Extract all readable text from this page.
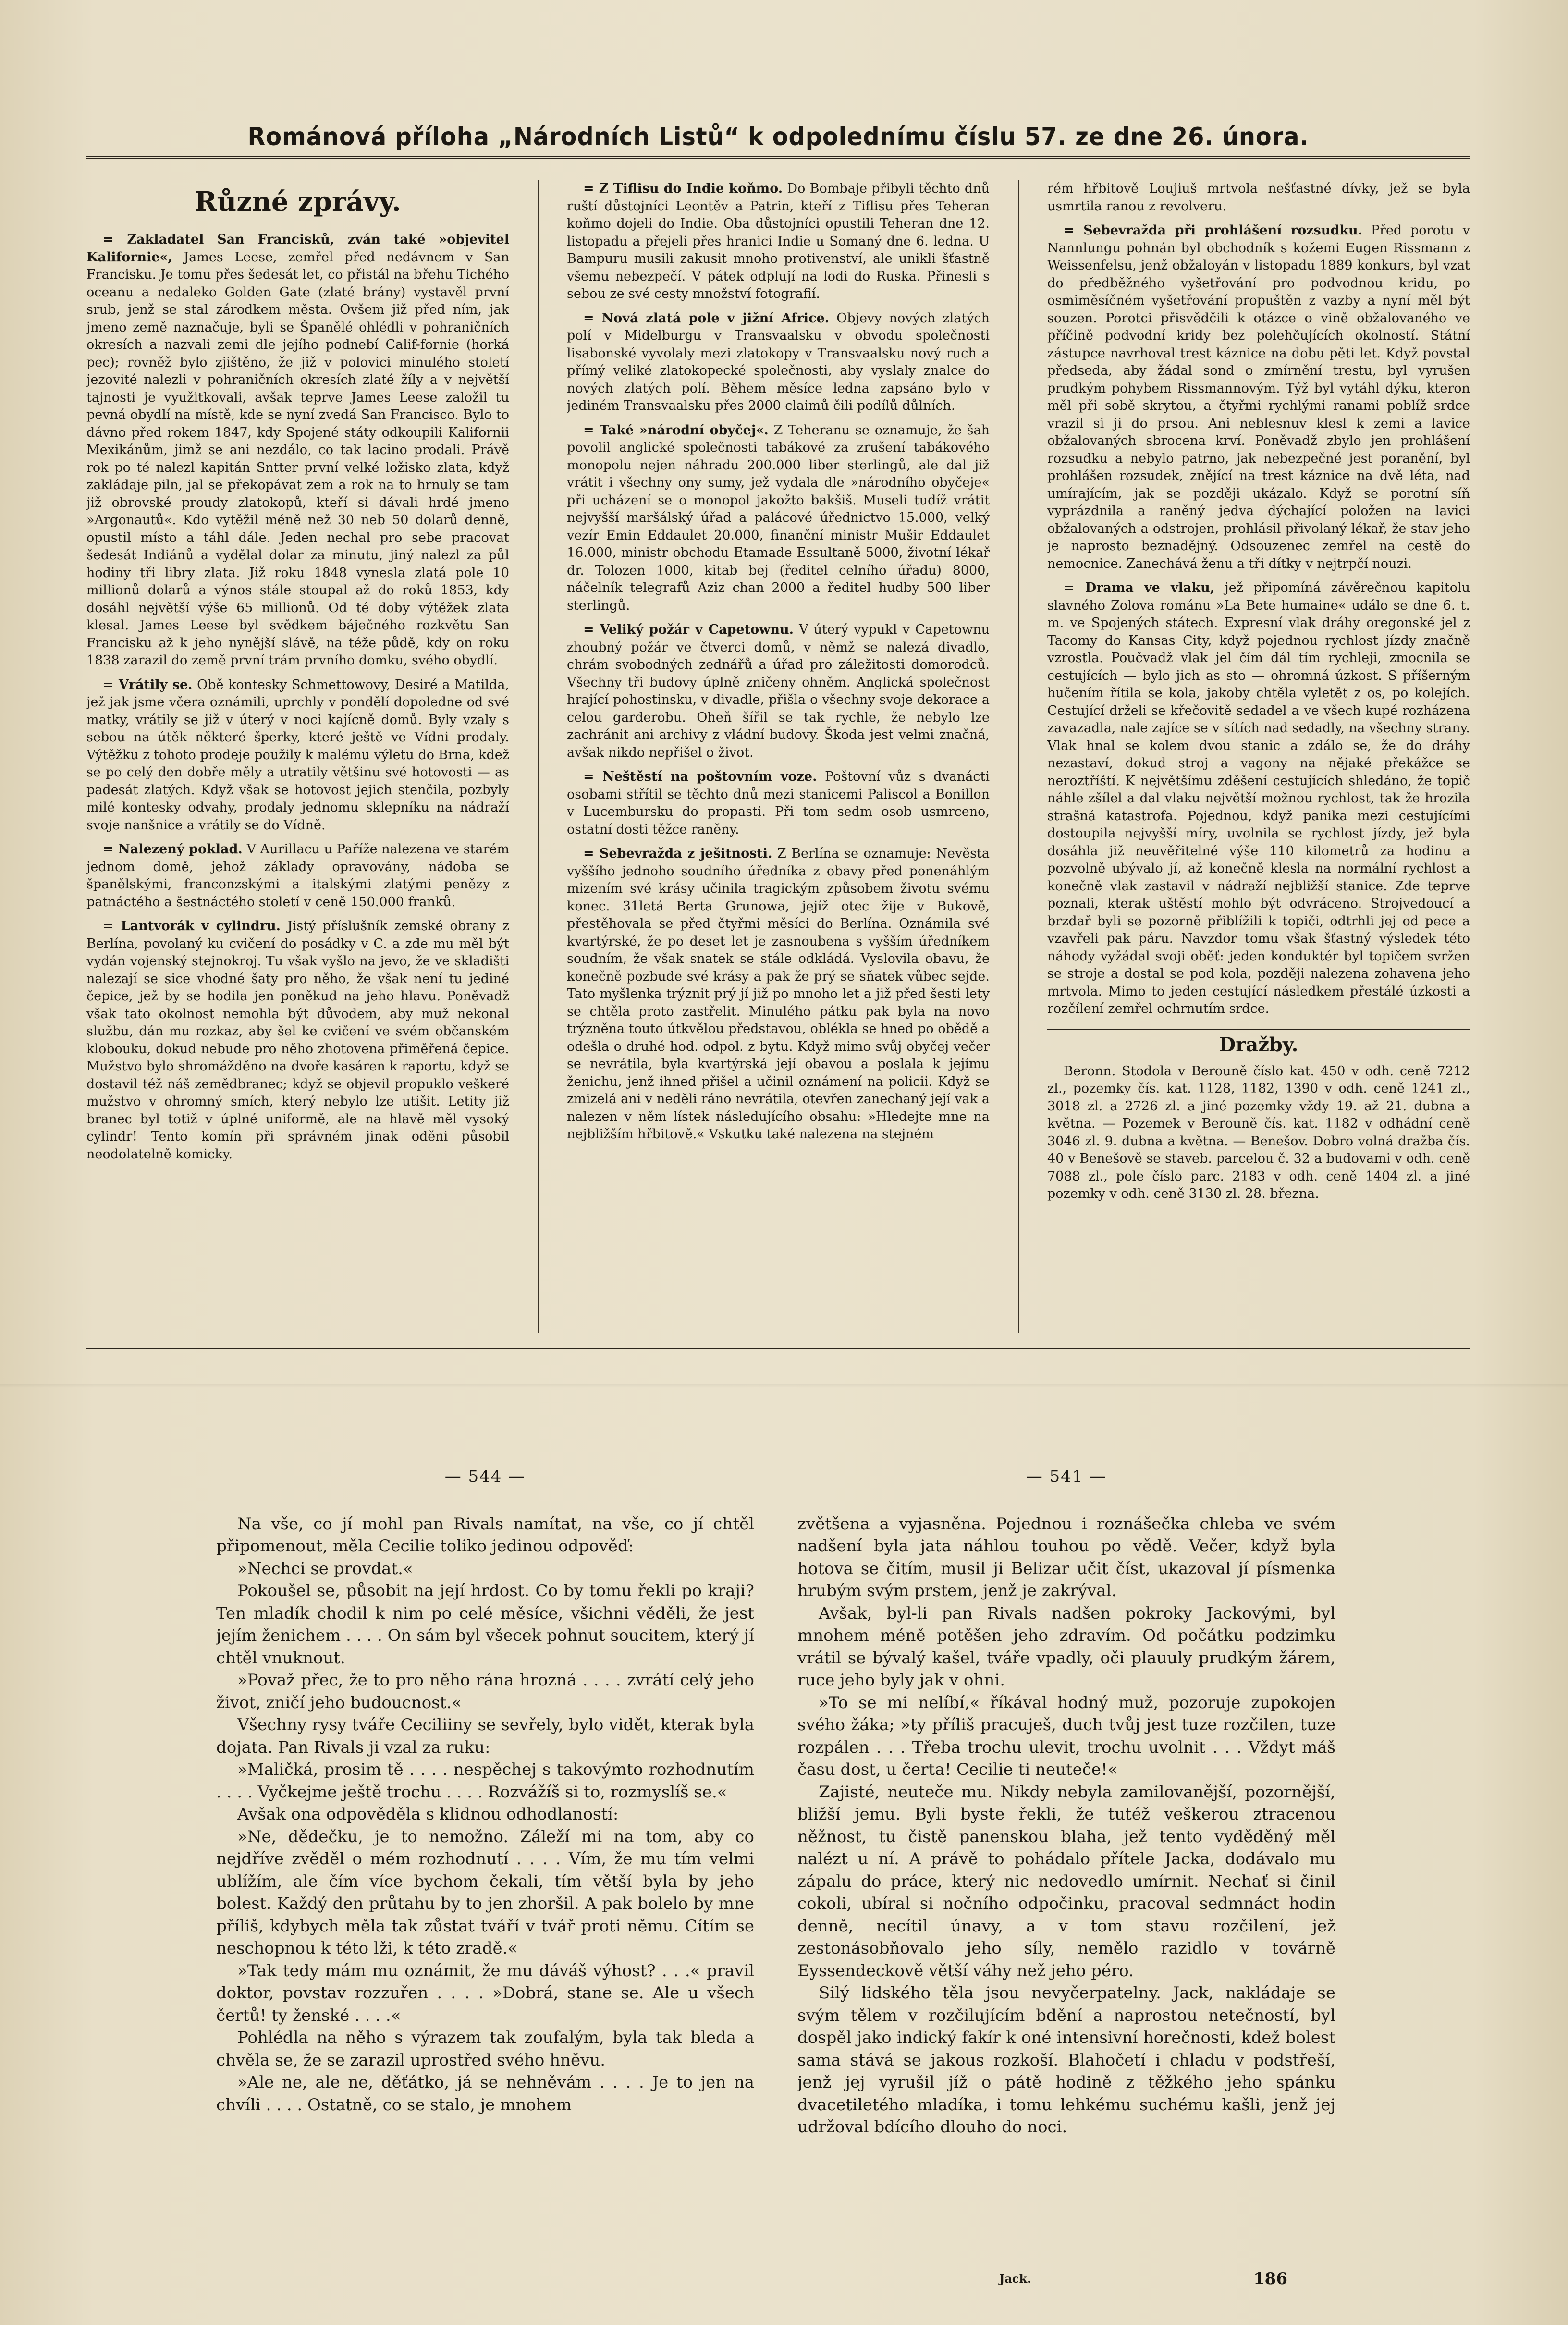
Románová příloha „Národních Listů“ k odpolednímu číslu 57. ze dne 26. února.
Různé zprávy.

= Zakladatel San Francisků, zván také »objevitel Kalifornie«, James Leese, zemřel před nedávnem v San Francisku. Je tomu přes šedesát let, co přistál na břehu Tichého oceanu a nedaleko Golden Gate (zlaté brány) vystavěl první srub, jenž se stal zárodkem města. Ovšem již před ním, jak jmeno země naznačuje, byli se Španělé ohlédli v pohraničních okresích a nazvali zemi dle jejího podnebí Calif-fornie (horká pec); rovněž bylo zjištěno, že již v polovici minulého století jezovité nalezli v pohraničních okresích zlaté žíly a v největší tajnosti je využitkovali, avšak teprve James Leese založil tu pevná obydlí na místě, kde se nyní zvedá San Francisco. Bylo to dávno před rokem 1847, kdy Spojené státy odkoupili Kalifornii Mexikánům, jimž se ani nezdálo, co tak lacino prodali. Právě rok po té nalezl kapitán Sntter první velké ložisko zlata, když zakládaje piln, jal se překopávat zem a rok na to hrnuly se tam již obrovské proudy zlatokopů, kteří si dávali hrdé jmeno »Argonautů«. Kdo vytěžil méně než 30 neb 50 dolarů denně, opustil místo a táhl dále. Jeden nechal pro sebe pracovat šedesát Indiánů a vydělal dolar za minutu, jiný nalezl za půl hodiny tři libry zlata. Již roku 1848 vynesla zlatá pole 10 millionů dolarů a výnos stále stoupal až do roků 1853, kdy dosáhl největší výše 65 millionů. Od té doby výtěžek zlata klesal. James Leese byl svědkem báječného rozkvětu San Francisku až k jeho nynější slávě, na téže půdě, kdy on roku 1838 zarazil do země první trám prvního domku, svého obydlí.

= Vrátily se. Obě kontesky Schmettowovy, Desiré a Matilda, jež jak jsme včera oznámili, uprchly v pondělí dopoledne od své matky, vrátily se již v úterý v noci kajícně domů. Byly vzaly s sebou na útěk některé šperky, které ještě ve Vídni prodaly. Výtěžku z tohoto prodeje použily k malému výletu do Brna, kdež se po celý den dobře měly a utratily většinu své hotovosti — as padesát zlatých. Když však se hotovost jejich stenčila, pozbyly milé kontesky odvahy, prodaly jednomu sklepníku na nádraží svoje nanšnice a vrátily se do Vídně.

= Nalezený poklad. V Aurillacu u Paříže nalezena ve starém jednom domě, jehož základy opravovány, nádoba se španělskými, franconzskými a italskými zlatými penězy z patnáctého a šestnáctého století v ceně 150.000 franků.

= Lantvorák v cylindru. Jistý příslušník zemské obrany z Berlína, povolaný ku cvičení do posádky v C. a zde mu měl být vydán vojenský stejnokroj. Tu však vyšlo na jevo, že ve skladišti nalezají se sice vhodné šaty pro něho, že však není tu jediné čepice, jež by se hodila jen poněkud na jeho hlavu. Poněvadž však tato okolnost nemohla být důvodem, aby muž nekonal službu, dán mu rozkaz, aby šel ke cvičení ve svém občanském klobouku, dokud nebude pro něho zhotovena přiměřená čepice. Mužstvo bylo shromážděno na dvoře kasáren k raportu, když se dostavil též náš zemědbranec; když se objevil propuklo veškeré mužstvo v ohromný smích, který nebylo lze utišit. Letity již branec byl totiž v úplné uniformě, ale na hlavě měl vysoký cylindr! Tento komín při správném jinak oděni působil neodolatelně komicky.

= Z Tiflisu do Indie koňmo. Do Bombaje přibyli těchto dnů ruští důstojníci Leontěv a Patrin, kteří z Tiflisu přes Teheran koňmo dojeli do Indie. Oba důstojníci opustili Teheran dne 12. listopadu a přejeli přes hranici Indie u Somaný dne 6. ledna. U Bampuru musili zakusit mnoho protivenství, ale unikli šťastně všemu nebezpečí. V pátek odplují na lodi do Ruska. Přinesli s sebou ze své cesty množství fotografií.

= Nová zlatá pole v jižní Africe. Objevy nových zlatých polí v Midelburgu v Transvaalsku v obvodu společnosti lisabonské vyvolaly mezi zlatokopy v Transvaalsku nový ruch a přímý veliké zlatokopecké společnosti, aby vyslaly znalce do nových zlatých polí. Během měsíce ledna zapsáno bylo v jediném Transvaalsku přes 2000 claimů čili podílů důlních.

= Také »národní obyčej«. Z Teheranu se oznamuje, že šah povolil anglické společnosti tabákové za zrušení tabákového monopolu nejen náhradu 200.000 liber sterlingů, ale dal již vrátit i všechny ony sumy, jež vydala dle »národního obyčeje« při ucházení se o monopol jakožto bakšiš. Museli tudíž vrátit nejvyšší maršálský úřad a palácové úřednictvo 15.000, velký vezír Emin Eddaulet 20.000, finanční ministr Mušir Eddaulet 16.000, ministr obchodu Etamade Essultaně 5000, životní lékař dr. Tolozen 1000, kitab bej (ředitel celního úřadu) 8000, náčelník telegrafů Aziz chan 2000 a ředitel hudby 500 liber sterlingů.

= Veliký požár v Capetownu. V úterý vypukl v Capetownu zhoubný požár ve čtverci domů, v němž se nalezá divadlo, chrám svobodných zednářů a úřad pro záležitosti domorodců. Všechny tři budovy úplně zničeny ohněm. Anglická společnost hrající pohostinsku, v divadle, přišla o všechny svoje dekorace a celou garderobu. Oheň šířil se tak rychle, že nebylo lze zachránit ani archivy z vládní budovy. Škoda jest velmi značná, avšak nikdo nepřišel o život.

= Neštěstí na poštovním voze. Poštovní vůz s dvanácti osobami střítil se těchto dnů mezi stanicemi Paliscol a Bonillon v Lucembursku do propasti. Při tom sedm osob usmrceno, ostatní dosti těžce raněny.

= Sebevražda z ješitnosti. Z Berlína se oznamuje: Nevěsta vyššího jednoho soudního úředníka z obavy před ponenáhlým mizením své krásy učinila tragickým způsobem životu svému konec. 31letá Berta Grunowa, jejíž otec žije v Bukově, přestěhovala se před čtyřmi měsíci do Berlína. Oznámila své kvartýrské, že po deset let je zasnoubena s vyšším úředníkem soudním, že však snatek se stále odkládá. Vyslovila obavu, že konečně pozbude své krásy a pak že prý se sňatek vůbec sejde. Tato myšlenka trýznit prý jí již po mnoho let a již před šesti lety se chtěla proto zastřelit. Minulého pátku pak byla na novo trýzněna touto útkvělou představou, oblékla se hned po obědě a odešla o druhé hod. odpol. z bytu. Když mimo svůj obyčej večer se nevrátila, byla kvartýrská její obavou a poslala k jejímu ženichu, jenž ihned přišel a učinil oznámení na policii. Když se zmizelá ani v neděli ráno nevrátila, otevřen zanechaný její vak a nalezen v něm lístek následujícího obsahu: »Hledejte mne na nejbližším hřbitově.« Vskutku také nalezena na stejném

rém hřbitově Loujiuš mrtvola nešťastné dívky, jež se byla usmrtila ranou z revolveru.

= Sebevražda při prohlášení rozsudku. Před porotu v Nannlungu pohnán byl obchodník s kožemi Eugen Rissmann z Weissenfelsu, jenž obžaloyán v listopadu 1889 konkurs, byl vzat do předběžného vyšetřování pro podvodnou kridu, po osmiměsíčném vyšetřování propuštěn z vazby a nyní měl být souzen. Porotci přisvědčili k otázce o vině obžalovaného ve příčině podvodní kridy bez polehčujících okolností. Státní zástupce navrhoval trest káznice na dobu pěti let. Když povstal předseda, aby žádal sond o zmírnění trestu, byl vyrušen prudkým pohybem Rissmannovým. Týž byl vytáhl dýku, kteron měl při sobě skrytou, a čtyřmi rychlými ranami poblíž srdce vrazil si ji do prsou. Ani neblesnuv klesl k zemi a lavice obžalovaných sbrocena krví. Poněvadž zbylo jen prohlášení rozsudku a nebylo patrno, jak nebezpečné jest poranění, byl prohlášen rozsudek, znějící na trest káznice na dvě léta, nad umírajícím, jak se později ukázalo. Když se porotní síň vyprázdnila a raněný jedva dýchající položen na lavici obžalovaných a odstrojen, prohlásil přivolaný lékař, že stav jeho je naprosto beznadějný. Odsouzenec zemřel na cestě do nemocnice. Zanechává ženu a tři dítky v nejtrpčí nouzi.

= Drama ve vlaku, jež připomíná závěrečnou kapitolu slavného Zolova románu »La Bete humaine« událo se dne 6. t. m. ve Spojených státech. Expresní vlak dráhy oregonské jel z Tacomy do Kansas City, když pojednou rychlost jízdy značně vzrostla. Poučvadž vlak jel čím dál tím rychleji, zmocnila se cestujících — bylo jich as sto — ohromná úzkost. S příšerným hučením řítila se kola, jakoby chtěla vyletět z os, po kolejích. Cestující drželi se křečovitě sedadel a ve všech kupé rozházena zavazadla, nale zajíce se v sítích nad sedadly, na všechny strany. Vlak hnal se kolem dvou stanic a zdálo se, že do dráhy nezastaví, dokud stroj a vagony na nějaké překážce se neroztříští. K největšímu zděšení cestujících shledáno, že topič náhle zšílel a dal vlaku největší možnou rychlost, tak že hrozila strašná katastrofa. Pojednou, když panika mezi cestujícími dostoupila nejvyšší míry, uvolnila se rychlost jízdy, jež byla dosáhla již neuvěřitelné výše 110 kilometrů za hodinu a pozvolně ubývalo jí, až konečně klesla na normální rychlost a konečně vlak zastavil v nádraží nejbližší stanice. Zde teprve poznali, kterak uštěstí mohlo být odvráceno. Strojvedoucí a brzdař byli se pozorně přiblížili k topiči, odtrhli jej od pece a vzavřeli pak páru. Navzdor tomu však šťastný výsledek této náhody vyžádal svoji oběť: jeden konduktér byl topičem svržen se stroje a dostal se pod kola, později nalezena zohavena jeho mrtvola. Mimo to jeden cestující následkem přestálé úzkosti a rozčílení zemřel ochrnutím srdce.

Dražby.

Beronn. Stodola v Berouně číslo kat. 450 v odh. ceně 7212 zl., pozemky čís. kat. 1128, 1182, 1390 v odh. ceně 1241 zl., 3018 zl. a 2726 zl. a jiné pozemky vždy 19. až 21. dubna a května. — Pozemek v Berouně čís. kat. 1182 v odhádní ceně 3046 zl. 9. dubna a května. — Benešov. Dobro volná dražba čís. 40 v Benešově se staveb. parcelou č. 32 a budovami v odh. ceně 7088 zl., pole číslo parc. 2183 v odh. ceně 1404 zl. a jiné pozemky v odh. ceně 3130 zl. 28. března.

— 544 —

Na vše, co jí mohl pan Rivals namítat, na vše, co jí chtěl připomenout, měla Cecilie toliko jedinou odpověď:

»Nechci se provdat.«

Pokoušel se, působit na její hrdost. Co by tomu řekli po kraji? Ten mladík chodil k nim po celé měsíce, všichni věděli, že jest jejím ženichem . . . . On sám byl všecek pohnut soucitem, který jí chtěl vnuknout.

»Považ přec, že to pro něho rána hrozná . . . . zvrátí celý jeho život, zničí jeho budoucnost.«

Všechny rysy tváře Ceciliiny se sevřely, bylo vidět, kterak byla dojata. Pan Rivals ji vzal za ruku:

»Maličká, prosim tě . . . . nespěchej s takovýmto rozhodnutím . . . . Vyčkejme ještě trochu . . . . Rozvážíš si to, rozmyslíš se.«

Avšak ona odpověděla s klidnou odhodlaností:

»Ne, dědečku, je to nemožno. Záleží mi na tom, aby co nejdříve zvěděl o mém rozhodnutí . . . . Vím, že mu tím velmi ublížím, ale čím více bychom čekali, tím větší byla by jeho bolest. Každý den průtahu by to jen zhoršil. A pak bolelo by mne příliš, kdybych měla tak zůstat tváří v tvář proti němu. Cítím se neschopnou k této lži, k této zradě.«

»Tak tedy mám mu oznámit, že mu dáváš výhost? . . .« pravil doktor, povstav rozzuřen . . . . »Dobrá, stane se. Ale u všech čertů! ty ženské . . . .«

Pohlédla na něho s výrazem tak zoufalým, byla tak bleda a chvěla se, že se zarazil uprostřed svého hněvu.

»Ale ne, ale ne, děťátko, já se nehněvám . . . . Je to jen na chvíli . . . . Ostatně, co se stalo, je mnohem

— 541 —

zvětšena a vyjasněna. Pojednou i roznášečka chleba ve svém nadšení byla jata náhlou touhou po vědě. Večer, když byla hotova se čitím, musil ji Belizar učit číst, ukazoval jí písmenka hrubým svým prstem, jenž je zakrýval.

Avšak, byl-li pan Rivals nadšen pokroky Jackovými, byl mnohem méně potěšen jeho zdravím. Od počátku podzimku vrátil se bývalý kašel, tváře vpadly, oči plauuly prudkým žárem, ruce jeho byly jak v ohni.

»To se mi nelíbí,« říkával hodný muž, pozoruje zupokojen svého žáka; »ty příliš pracuješ, duch tvůj jest tuze rozčilen, tuze rozpálen . . . Třeba trochu ulevit, trochu uvolnit . . . Vždyt máš času dost, u čerta! Cecilie ti neuteče!«

Zajisté, neuteče mu. Nikdy nebyla zamilovanější, pozornější, bližší jemu. Byli byste řekli, že tutéž veškerou ztracenou něžnost, tu čistě panenskou blaha, jež tento vyděděný měl nalézt u ní. A právě to pohádalo přítele Jacka, dodávalo mu zápalu do práce, který nic nedovedlo umírnit. Nechať si činil cokoli, ubíral si nočního odpočinku, pracoval sedmnáct hodin denně, necítil únavy, a v tom stavu rozčilení, jež zestonásobňovalo jeho síly, nemělo razidlo v továrně Eyssendeckově větší váhy než jeho péro.

Silý lidského těla jsou nevyčerpatelny. Jack, nakládaje se svým tělem v rozčilujícím bdění a naprostou netečností, byl dospěl jako indický fakír k oné intensivní horečnosti, kdež bolest sama stává se jakous rozkoší. Blahočetí i chladu v podstřeší, jenž jej vyrušil jíž o pátě hodině z těžkého jeho spánku dvacetiletého mladíka, i tomu lehkému suchému kašli, jenž jej udržoval bdícího dlouho do noci.

Jack.	186
